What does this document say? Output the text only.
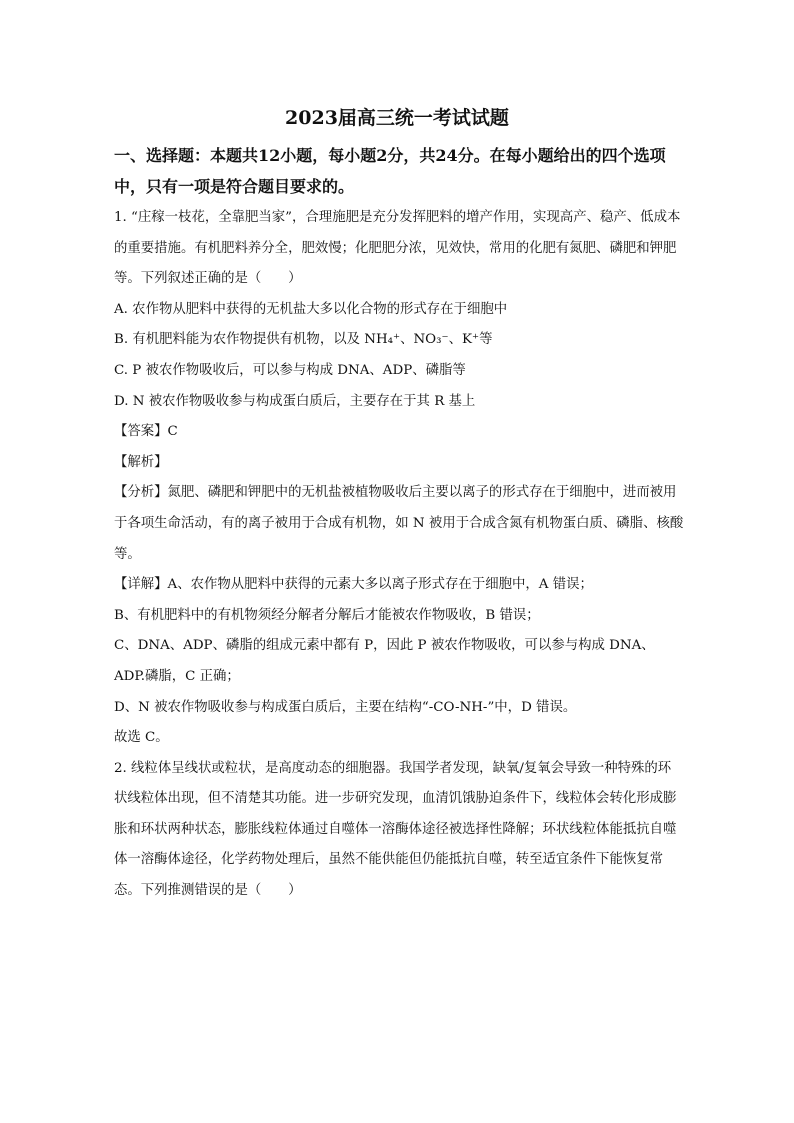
2023届高三统一考试试题
一、选择题：本题共12小题，每小题2分，共24分。在每小题给出的四个选项
中，只有一项是符合题目要求的。

1. “庄稼一枝花，全靠肥当家”，合理施肥是充分发挥肥料的增产作用，实现高产、稳产、低成本的重要措施。有机肥料养分全，肥效慢；化肥肥分浓，见效快，常用的化肥有氮肥、磷肥和钾肥等。下列叙述正确的是（　　）

A. 农作物从肥料中获得的无机盐大多以化合物的形式存在于细胞中

B. 有机肥料能为农作物提供有机物，以及 NH₄⁺、NO₃⁻、K⁺等

C. P 被农作物吸收后，可以参与构成 DNA、ADP、磷脂等

D. N 被农作物吸收参与构成蛋白质后，主要存在于其 R 基上

【答案】C

【解析】

【分析】氮肥、磷肥和钾肥中的无机盐被植物吸收后主要以离子的形式存在于细胞中，进而被用于各项生命活动，有的离子被用于合成有机物，如 N 被用于合成含氮有机物蛋白质、磷脂、核酸等。

【详解】A、农作物从肥料中获得的元素大多以离子形式存在于细胞中，A 错误；

B、有机肥料中的有机物须经分解者分解后才能被农作物吸收，B 错误；

C、DNA、ADP、磷脂的组成元素中都有 P，因此 P 被农作物吸收，可以参与构成 DNA、ADP.磷脂，C 正确；

D、N 被农作物吸收参与构成蛋白质后，主要在结构“-CO-NH-”中，D 错误。

故选 C。

2. 线粒体呈线状或粒状，是高度动态的细胞器。我国学者发现，缺氧/复氧会导致一种特殊的环状线粒体出现，但不清楚其功能。进一步研究发现，血清饥饿胁迫条件下，线粒体会转化形成膨胀和环状两种状态，膨胀线粒体通过自噬体一溶酶体途径被选择性降解；环状线粒体能抵抗自噬体一溶酶体途径，化学药物处理后，虽然不能供能但仍能抵抗自噬，转至适宜条件下能恢复常态。下列推测错误的是（　　）
